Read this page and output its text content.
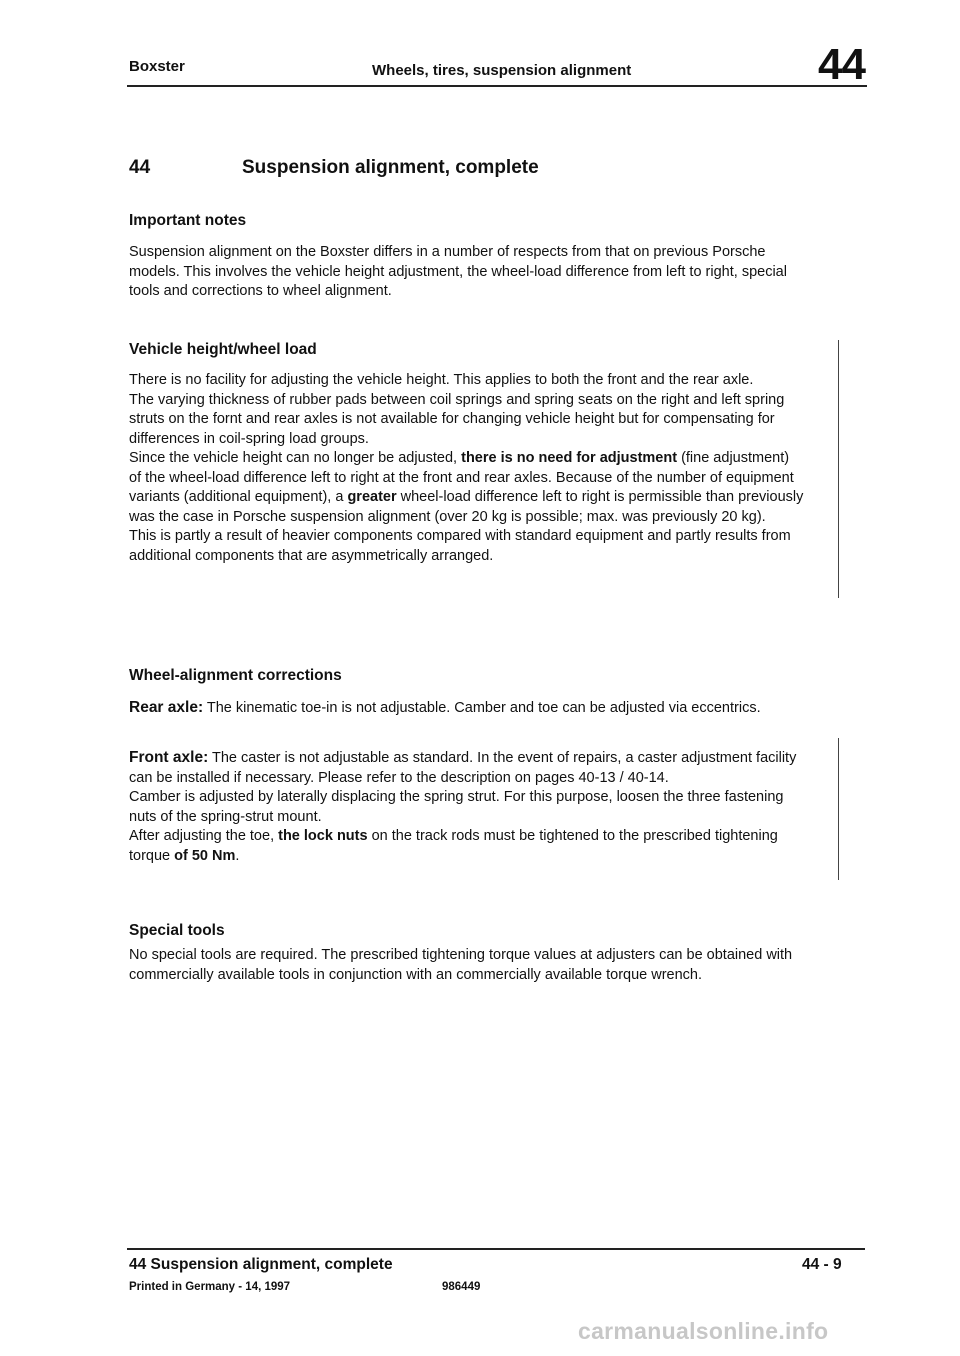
Boxster	Wheels, tires, suspension alignment	44
44	Suspension alignment, complete
Important notes
Suspension alignment on the Boxster differs in a number of respects from that on previous Porsche
models. This involves the vehicle height adjustment, the wheel-load difference from left to right, special
tools and corrections to wheel alignment.
Vehicle height/wheel load
There is no facility for adjusting the vehicle height. This applies to both the front and the rear axle.
The varying thickness of rubber pads between coil springs and spring seats on the right and left spring
struts on the fornt and rear axles is not available for changing vehicle height but for compensating for
differences in coil-spring load groups.
Since the vehicle height can no longer be adjusted, there is no need for adjustment (fine adjustment)
of the wheel-load difference left to right at the front and rear axles. Because of the number of equipment
variants (additional equipment), a greater wheel-load difference left to right is permissible than previously
was the case in Porsche suspension alignment (over 20 kg is possible; max. was previously 20 kg).
This is partly a result of heavier components compared with standard equipment and partly results from
additional components that are asymmetrically arranged.
Wheel-alignment corrections
Rear axle: The kinematic toe-in is not adjustable. Camber and toe can be adjusted via eccentrics.
Front axle: The caster is not adjustable as standard. In the event of repairs, a caster adjustment facility
can be installed if necessary. Please refer to the description on pages 40-13 / 40-14.
Camber is adjusted by laterally displacing the spring strut. For this purpose, loosen the three fastening
nuts of the spring-strut mount.
After adjusting the toe, the lock nuts on the track rods must be tightened to the prescribed tightening
torque of 50 Nm.
Special tools
No special tools are required. The prescribed tightening torque values at adjusters can be obtained with
commercially available tools in conjunction with an commercially available torque wrench.
44 Suspension alignment, complete	44 - 9
Printed in Germany - 14, 1997	986449
carmanualsonline.info
